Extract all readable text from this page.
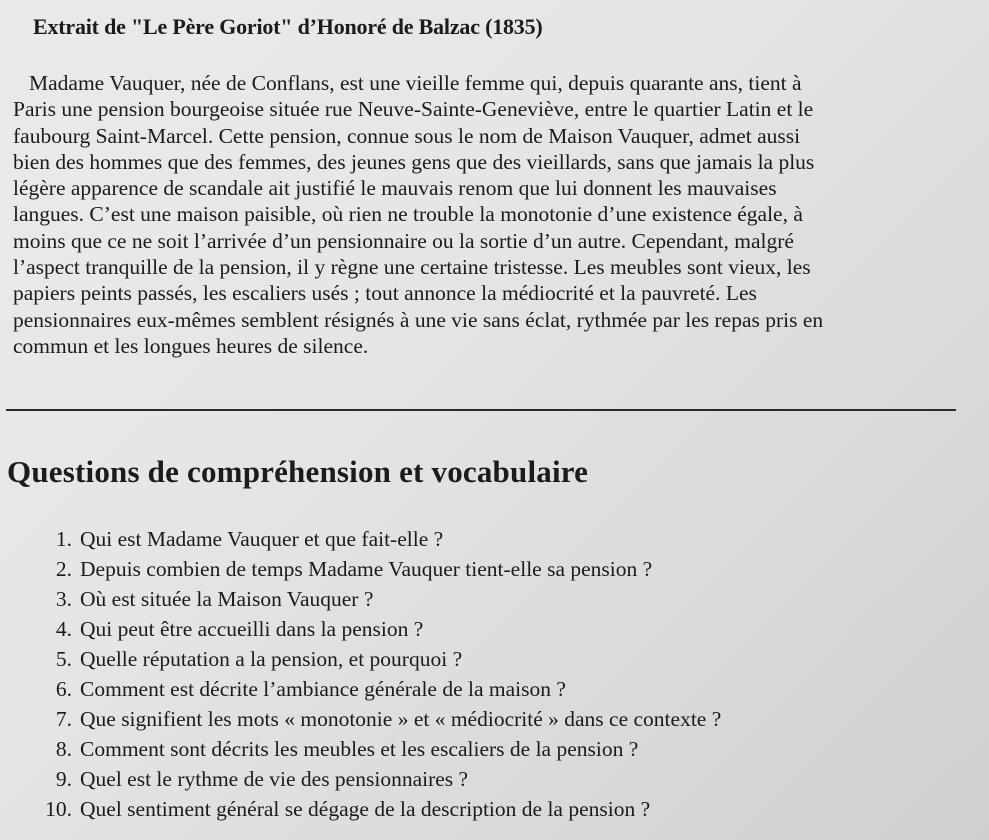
Extrait de "Le Père Goriot" d’Honoré de Balzac (1835)
Madame Vauquer, née de Conflans, est une vieille femme qui, depuis quarante ans, tient à
Paris une pension bourgeoise située rue Neuve-Sainte-Geneviève, entre le quartier Latin et le
faubourg Saint-Marcel. Cette pension, connue sous le nom de Maison Vauquer, admet aussi
bien des hommes que des femmes, des jeunes gens que des vieillards, sans que jamais la plus
légère apparence de scandale ait justifié le mauvais renom que lui donnent les mauvaises
langues. C’est une maison paisible, où rien ne trouble la monotonie d’une existence égale, à
moins que ce ne soit l’arrivée d’un pensionnaire ou la sortie d’un autre. Cependant, malgré
l’aspect tranquille de la pension, il y règne une certaine tristesse. Les meubles sont vieux, les
papiers peints passés, les escaliers usés ; tout annonce la médiocrité et la pauvreté. Les
pensionnaires eux-mêmes semblent résignés à une vie sans éclat, rythmée par les repas pris en
commun et les longues heures de silence.
Questions de compréhension et vocabulaire
1. Qui est Madame Vauquer et que fait-elle ?
2. Depuis combien de temps Madame Vauquer tient-elle sa pension ?
3. Où est située la Maison Vauquer ?
4. Qui peut être accueilli dans la pension ?
5. Quelle réputation a la pension, et pourquoi ?
6. Comment est décrite l’ambiance générale de la maison ?
7. Que signifient les mots « monotonie » et « médiocrité » dans ce contexte ?
8. Comment sont décrits les meubles et les escaliers de la pension ?
9. Quel est le rythme de vie des pensionnaires ?
10. Quel sentiment général se dégage de la description de la pension ?
